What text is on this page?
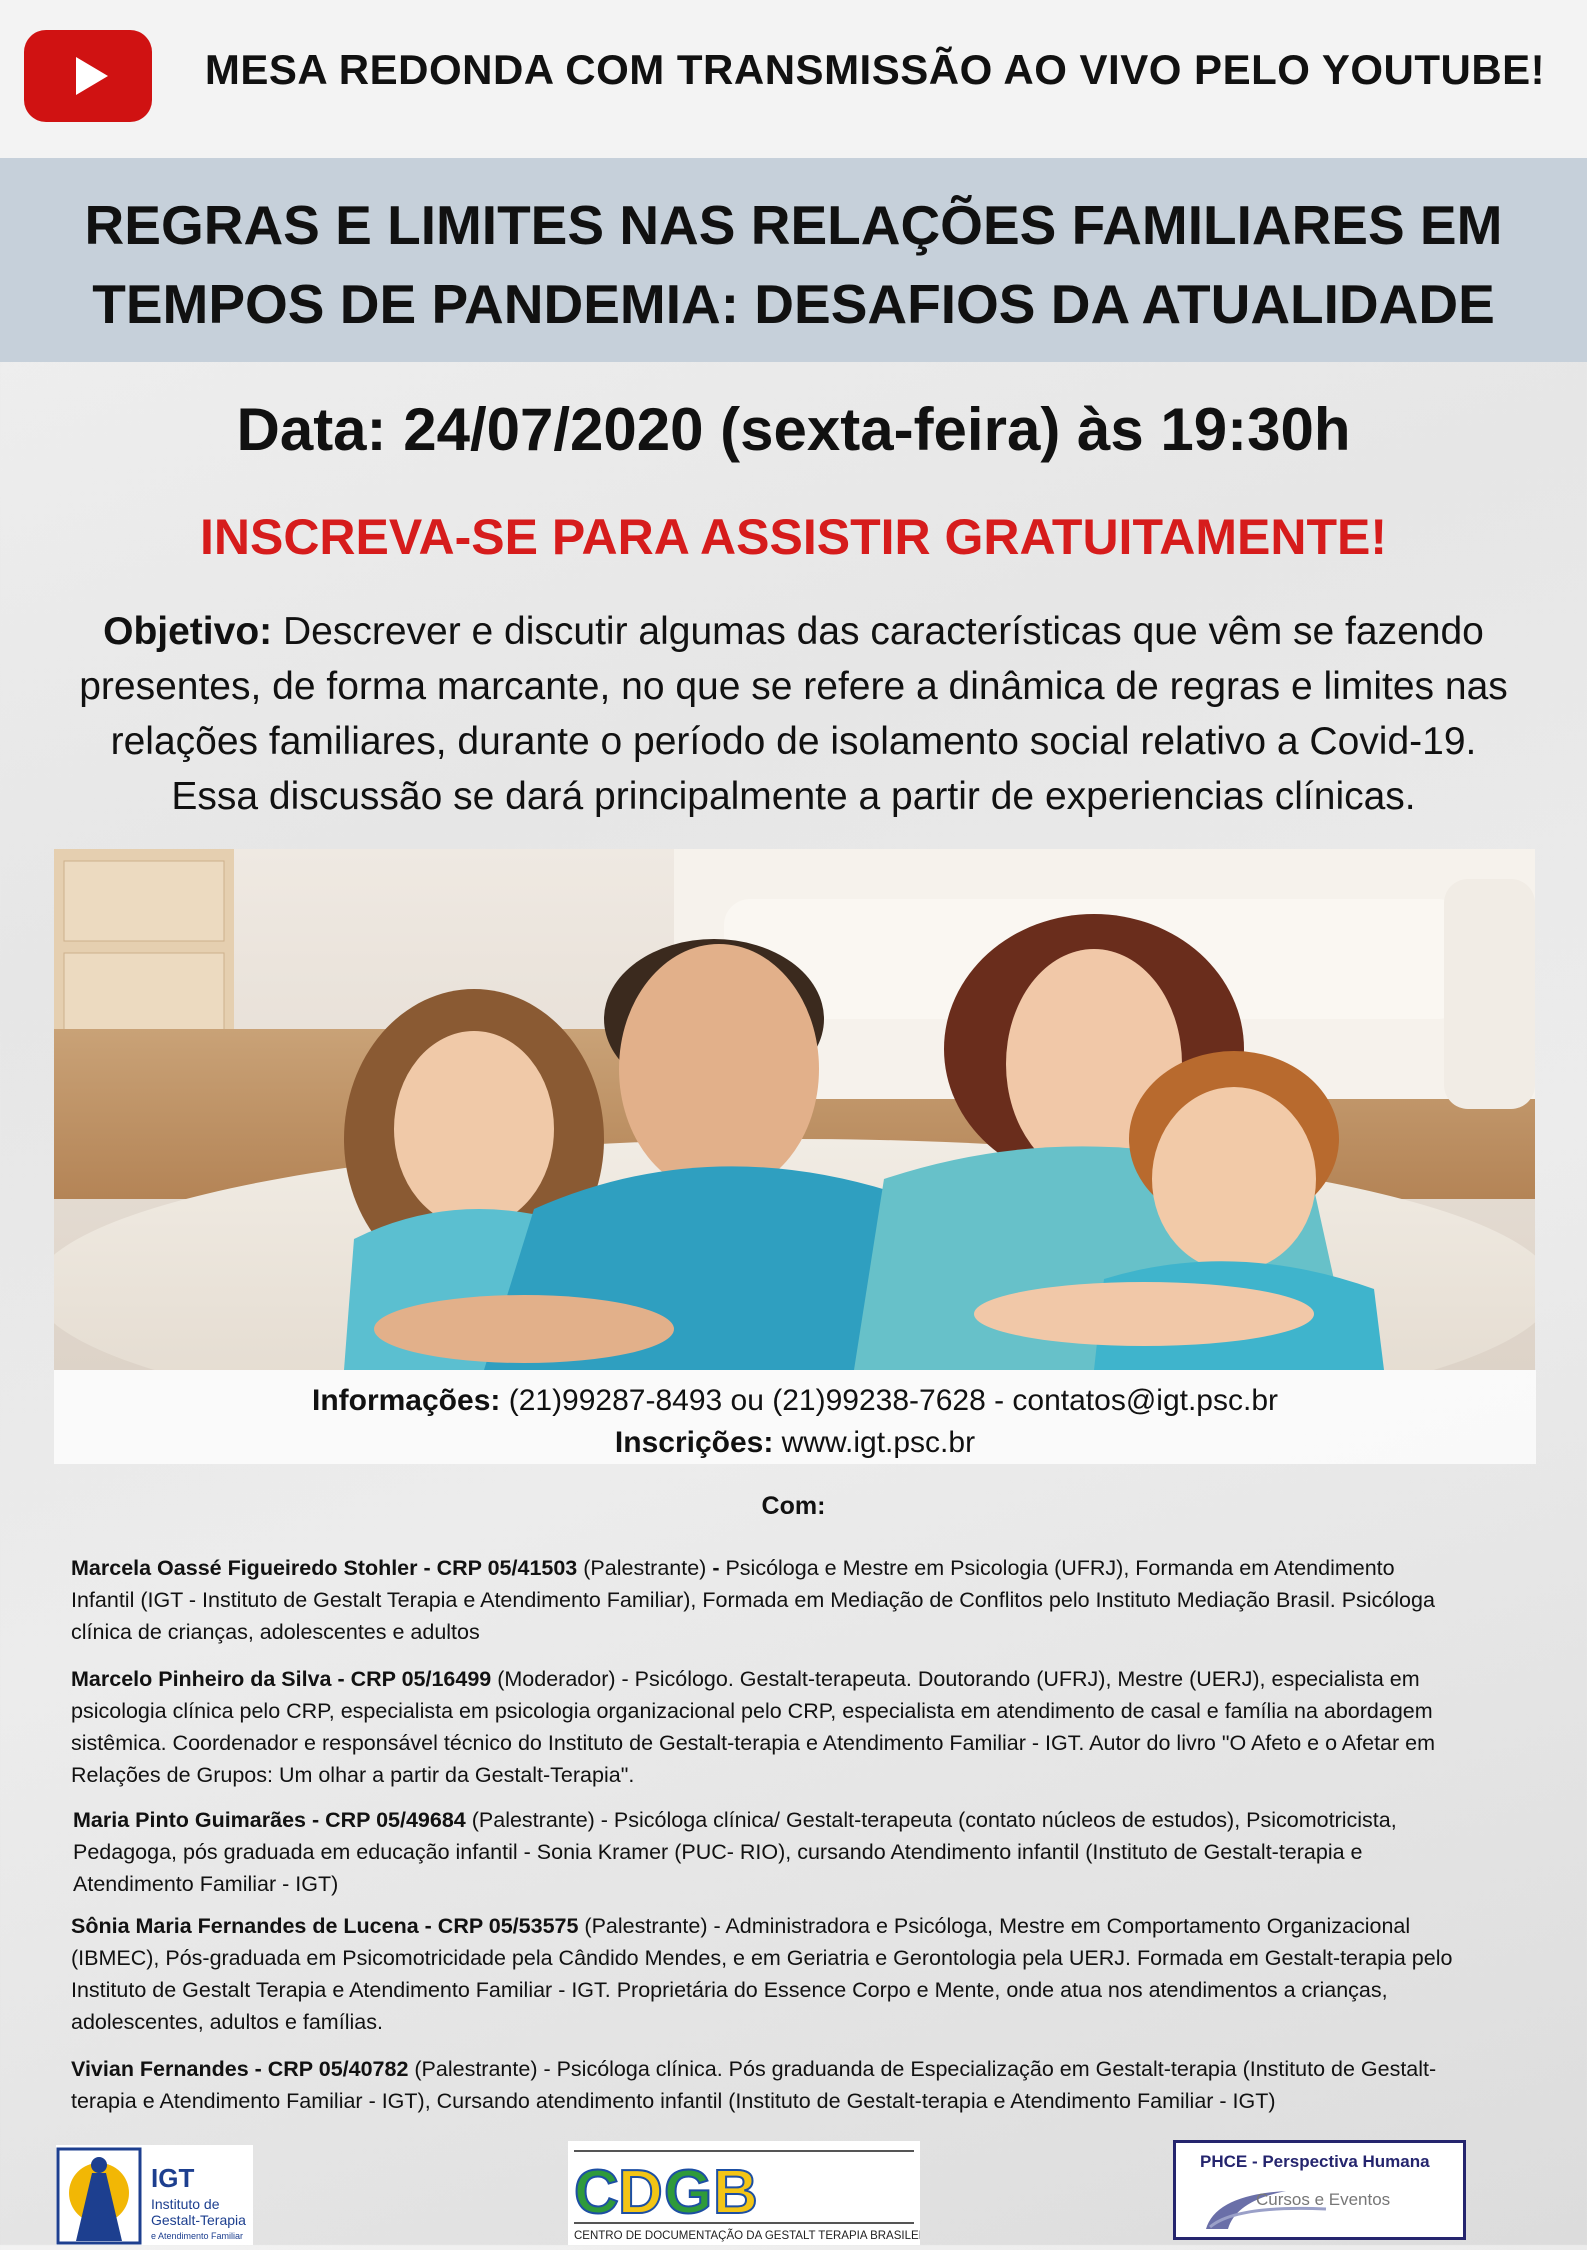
MESA REDONDA COM TRANSMISSÃO AO VIVO PELO YOUTUBE!
REGRAS E LIMITES NAS RELAÇÕES FAMILIARES EM
TEMPOS DE PANDEMIA: DESAFIOS DA ATUALIDADE
Data: 24/07/2020 (sexta-feira) às 19:30h
INSCREVA-SE PARA ASSISTIR GRATUITAMENTE!
Objetivo: Descrever e discutir algumas das características que vêm se fazendo
presentes, de forma marcante, no que se refere a dinâmica de regras e limites nas
relações familiares, durante o período de isolamento social relativo a Covid-19.
Essa discussão se dará principalmente a partir de experiencias clínicas.
Informações: (21)99287-8493 ou (21)99238-7628 - contatos@igt.psc.br
Inscrições: www.igt.psc.br
Com:
Marcela Oassé Figueiredo Stohler - CRP 05/41503 (Palestrante) - Psicóloga e Mestre em Psicologia (UFRJ), Formanda em Atendimento
Infantil (IGT - Instituto de Gestalt Terapia e Atendimento Familiar), Formada em Mediação de Conflitos pelo Instituto Mediação Brasil. Psicóloga
clínica de crianças, adolescentes e adultos
Marcelo Pinheiro da Silva - CRP 05/16499 (Moderador) - Psicólogo. Gestalt-terapeuta. Doutorando (UFRJ), Mestre (UERJ), especialista em
psicologia clínica pelo CRP, especialista em psicologia organizacional pelo CRP, especialista em atendimento de casal e família na abordagem
sistêmica. Coordenador e responsável técnico do Instituto de Gestalt-terapia e Atendimento Familiar - IGT. Autor do livro "O Afeto e o Afetar em
Relações de Grupos: Um olhar a partir da Gestalt-Terapia".
Maria Pinto Guimarães - CRP 05/49684 (Palestrante) - Psicóloga clínica/ Gestalt-terapeuta (contato núcleos de estudos), Psicomotricista,
Pedagoga, pós graduada em educação infantil - Sonia Kramer (PUC- RIO), cursando Atendimento infantil (Instituto de Gestalt-terapia e
Atendimento Familiar - IGT)
Sônia Maria Fernandes de Lucena - CRP 05/53575 (Palestrante) - Administradora e Psicóloga, Mestre em Comportamento Organizacional
(IBMEC), Pós-graduada em Psicomotricidade pela Cândido Mendes, e em Geriatria e Gerontologia pela UERJ. Formada em Gestalt-terapia pelo
Instituto de Gestalt Terapia e Atendimento Familiar - IGT. Proprietária do Essence Corpo e Mente, onde atua nos atendimentos a crianças,
adolescentes, adultos e famílias.
Vivian Fernandes - CRP 05/40782 (Palestrante) - Psicóloga clínica. Pós graduanda de Especialização em Gestalt-terapia (Instituto de Gestalt-
terapia e Atendimento Familiar - IGT), Cursando atendimento infantil (Instituto de Gestalt-terapia e Atendimento Familiar - IGT)
IGT
Instituto de
Gestalt-Terapia
e Atendimento Familiar
C D G B
CENTRO DE DOCUMENTAÇÃO DA GESTALT TERAPIA BRASILEIRA
PHCE - Perspectiva Humana
Cursos e Eventos
